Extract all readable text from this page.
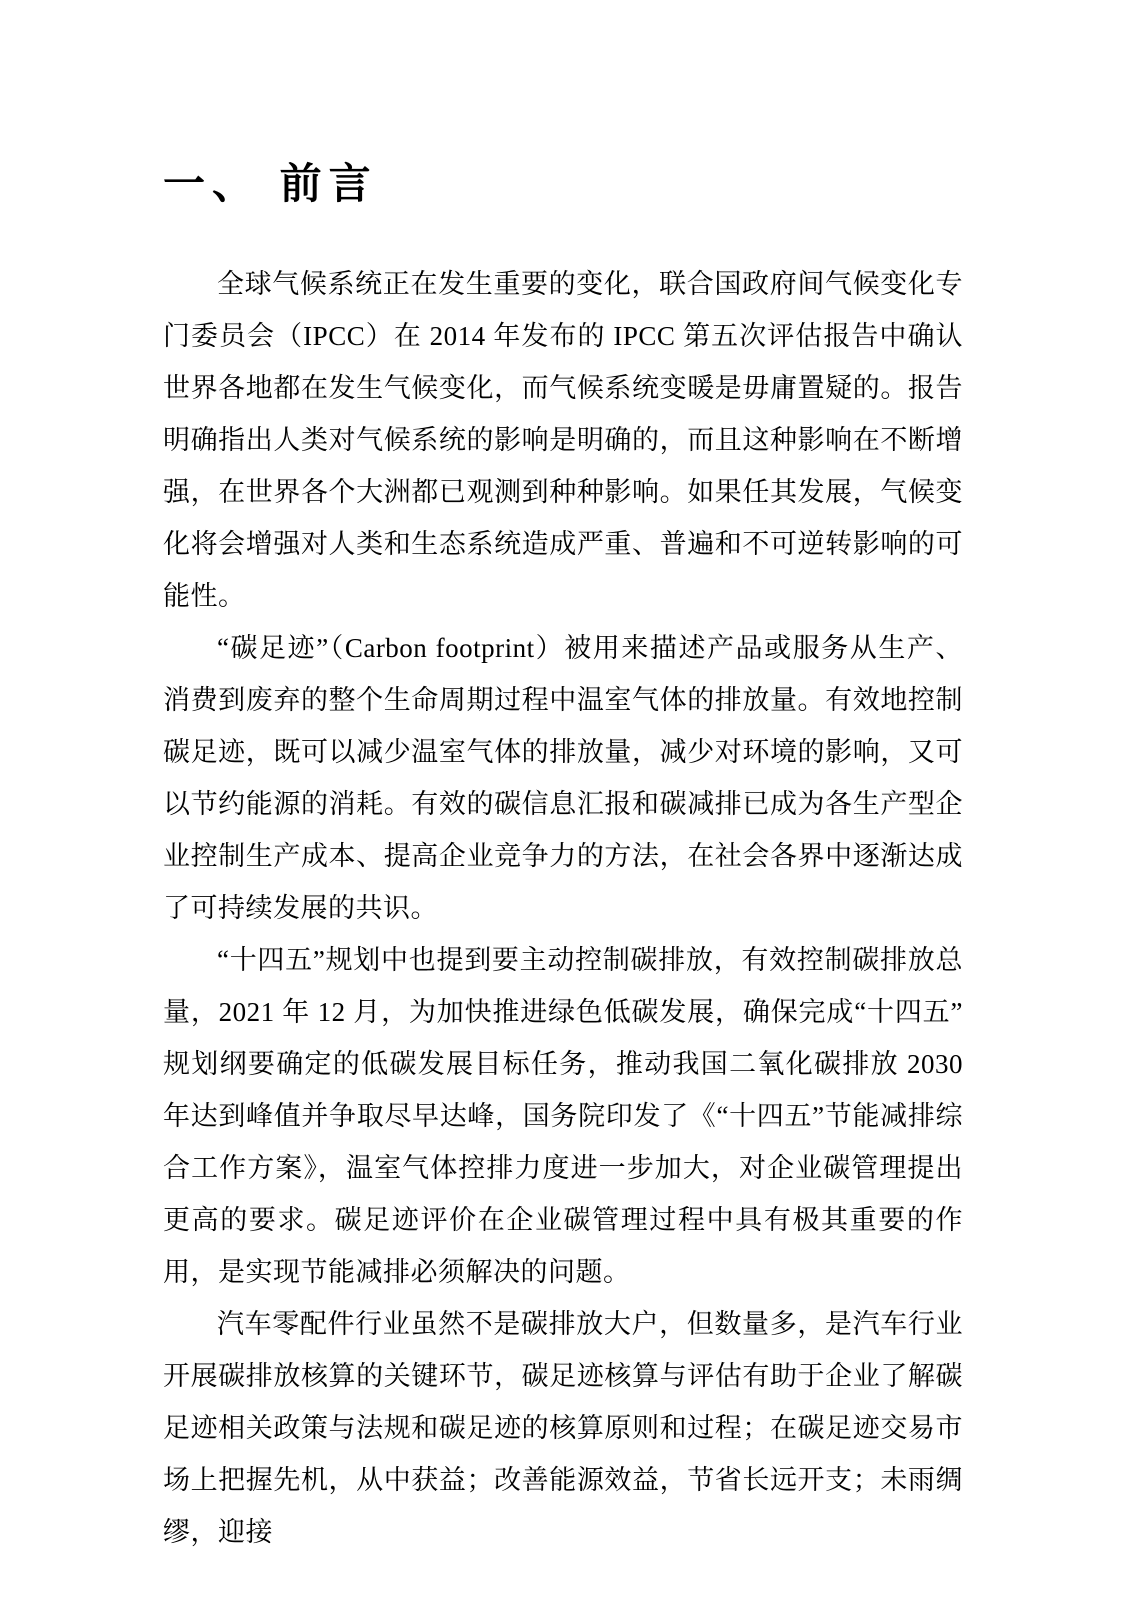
一、 前言

全球气候系统正在发生重要的变化，联合国政府间气候变化专门委员会（IPCC）在 2014 年发布的 IPCC 第五次评估报告中确认世界各地都在发生气候变化，而气候系统变暖是毋庸置疑的。报告明确指出人类对气候系统的影响是明确的，而且这种影响在不断增强，在世界各个大洲都已观测到种种影响。如果任其发展，气候变化将会增强对人类和生态系统造成严重、普遍和不可逆转影响的可能性。

“碳足迹”（Carbon footprint）被用来描述产品或服务从生产、消费到废弃的整个生命周期过程中温室气体的排放量。有效地控制碳足迹，既可以减少温室气体的排放量，减少对环境的影响，又可以节约能源的消耗。有效的碳信息汇报和碳减排已成为各生产型企业控制生产成本、提高企业竞争力的方法，在社会各界中逐渐达成了可持续发展的共识。

“十四五”规划中也提到要主动控制碳排放，有效控制碳排放总量，2021 年 12 月，为加快推进绿色低碳发展，确保完成“十四五”规划纲要确定的低碳发展目标任务，推动我国二氧化碳排放 2030 年达到峰值并争取尽早达峰，国务院印发了《“十四五”节能减排综合工作方案》，温室气体控排力度进一步加大，对企业碳管理提出更高的要求。碳足迹评价在企业碳管理过程中具有极其重要的作用，是实现节能减排必须解决的问题。

汽车零配件行业虽然不是碳排放大户，但数量多，是汽车行业开展碳排放核算的关键环节，碳足迹核算与评估有助于企业了解碳足迹相关政策与法规和碳足迹的核算原则和过程；在碳足迹交易市场上把握先机，从中获益；改善能源效益，节省长远开支；未雨绸缪，迎接
